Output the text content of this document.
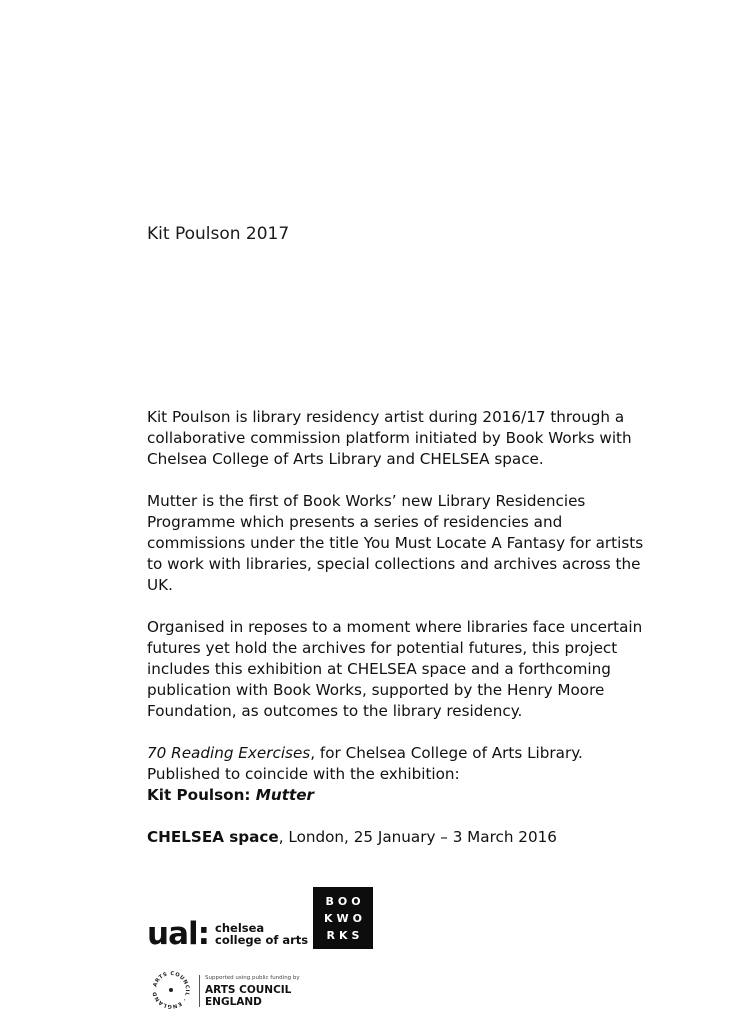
Kit Poulson 2017

Kit Poulson is library residency artist during 2016/17 through a
collaborative commission platform initiated by Book Works with
Chelsea College of Arts Library and CHELSEA space.

Mutter is the first of Book Works’ new Library Residencies
Programme which presents a series of residencies and
commissions under the title You Must Locate A Fantasy for artists
to work with libraries, special collections and archives across the
UK.

Organised in reposes to a moment where libraries face uncertain
futures yet hold the archives for potential futures, this project
includes this exhibition at CHELSEA space and a forthcoming
publication with Book Works, supported by the Henry Moore
Foundation, as outcomes to the library residency.

70 Reading Exercises, for Chelsea College of Arts Library.
Published to coincide with the exhibition:
Kit Poulson: Mutter

CHELSEA space, London, 25 January – 3 March 2016

ual: chelsea
college of arts
BOO
KWO
RKS
ARTS COUNCIL · ENGLAND
Supported using public funding by
ARTS COUNCIL
ENGLAND
